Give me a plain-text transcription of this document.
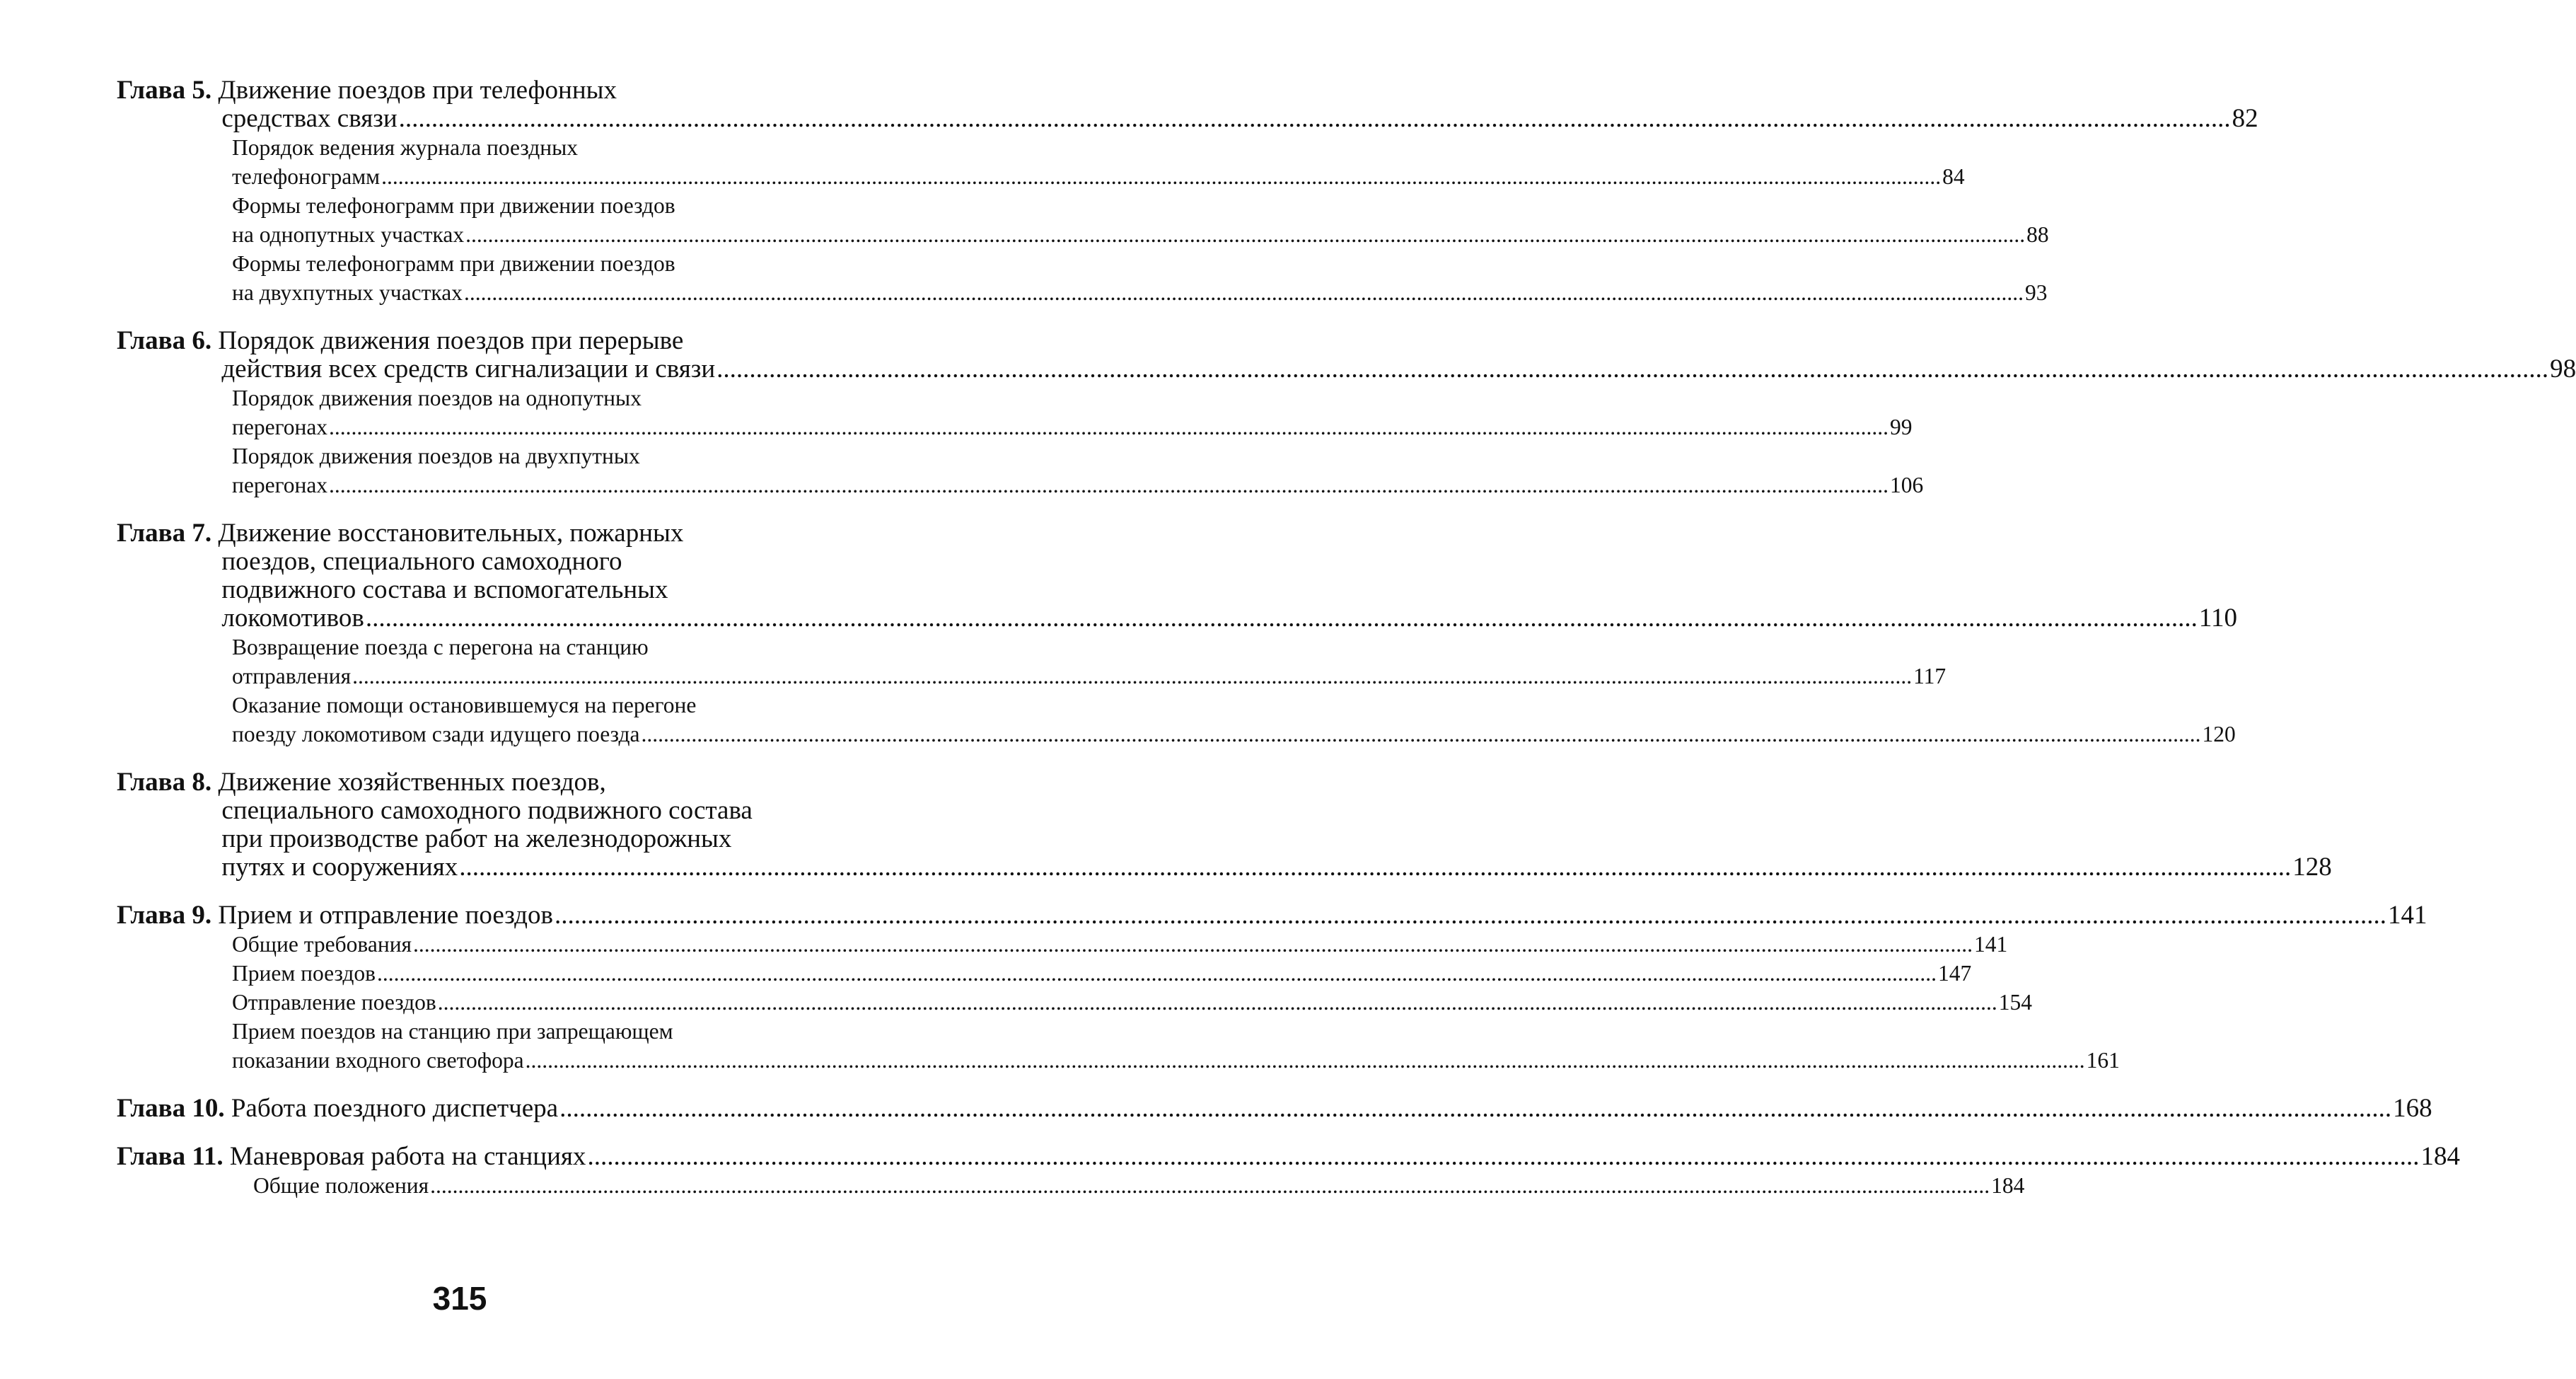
Глава 5. Движение поездов при телефонных
средствах связи .....	82
Порядок ведения журнала поездных
телефонограмм .....	84
Формы телефонограмм при движении поездов
на однопутных участках .....	88
Формы телефонограмм при движении поездов
на двухпутных участках .....	93
Глава 6. Порядок движения поездов при перерыве
действия всех средств сигнализации и связи .....	98
Порядок движения поездов на однопутных
перегонах .....	99
Порядок движения поездов на двухпутных
перегонах .....	106
Глава 7. Движение восстановительных, пожарных
поездов, специального самоходного
подвижного состава и вспомогательных
локомотивов .....	110
Возвращение поезда с перегона на станцию
отправления .....	117
Оказание помощи остановившемуся на перегоне
поезду локомотивом сзади идущего поезда .....	120
Глава 8. Движение хозяйственных поездов,
специального самоходного подвижного состава
при производстве работ на железнодорожных
путях и сооружениях .....	128
Глава 9. Прием и отправление поездов .....	141
Общие требования .....	141
Прием поездов .....	147
Отправление поездов .....	154
Прием поездов на станцию при запрещающем
показании входного светофора .....	161
Глава 10. Работа поездного диспетчера .....	168
Глава 11. Маневровая работа на станциях .....	184
Общие положения .....	184
315
